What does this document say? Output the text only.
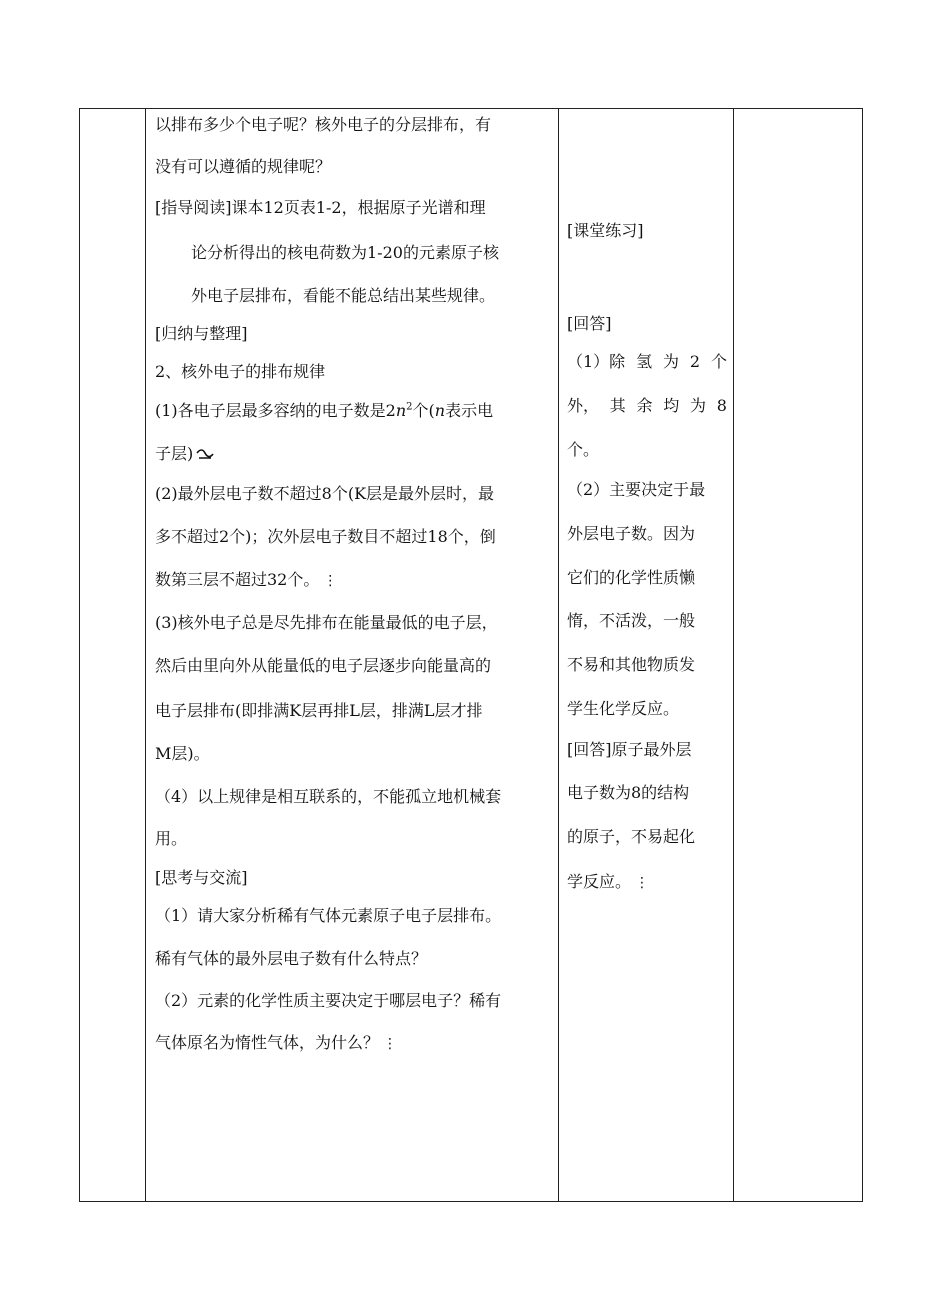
以排布多少个电子呢？核外电子的分层排布，有
没有可以遵循的规律呢？
[指导阅读]课本12页表1-2，根据原子光谱和理
论分析得出的核电荷数为1-20的元素原子核
外电子层排布，看能不能总结出某些规律。
[归纳与整理]
2、核外电子的排布规律
(1)各电子层最多容纳的电子数是$2n^2$个(n表示电
子层)
(2)最外层电子数不超过8个(K层是最外层时，最
多不超过2个)；次外层电子数目不超过18个，倒
数第三层不超过32个。 ⋮
(3)核外电子总是尽先排布在能量最低的电子层，
然后由里向外从能量低的电子层逐步向能量高的
电子层排布(即排满K层再排L层，排满L层才排
M层)。
（4）以上规律是相互联系的，不能孤立地机械套
用。
[思考与交流]
（1）请大家分析稀有气体元素原子电子层排布。
稀有气体的最外层电子数有什么特点？
（2）元素的化学性质主要决定于哪层电子？稀有
气体原名为惰性气体，为什么？ ⋮
[课堂练习]
[回答]
（1）除 氢 为 2 个
外， 其 余 均 为 8
个。
（2）主要决定于最
外层电子数。因为
它们的化学性质懒
惰，不活泼，一般
不易和其他物质发
学生化学反应。
[回答]原子最外层
电子数为8的结构
的原子，不易起化
学反应。 ⋮
